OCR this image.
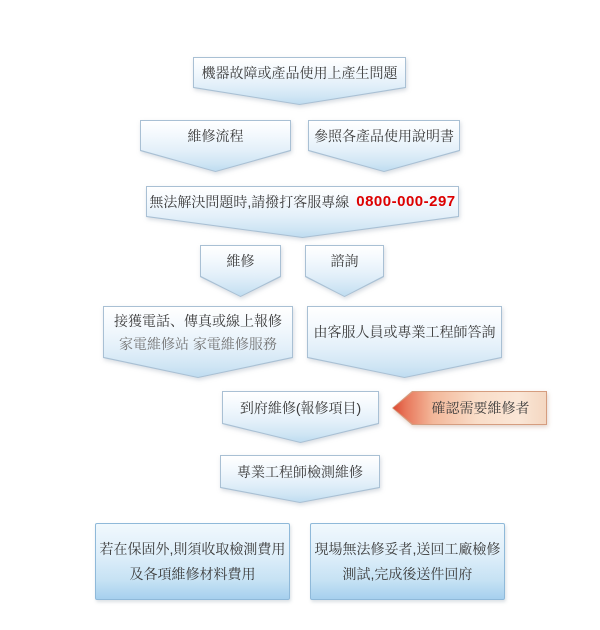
機器故障或產品使用上產生問題
維修流程	參照各產品使用說明書
無法解決問題時,請撥打客服專線 0800-000-297
維修	諮詢
接獲電話、傳真或線上報修
家電維修站 家電維修服務
由客服人員或專業工程師答詢
到府維修(報修項目)	確認需要維修者
專業工程師檢測維修
若在保固外,則須收取檢測費用
及各項維修材料費用
現場無法修妥者,送回工廠檢修
測試,完成後送件回府
